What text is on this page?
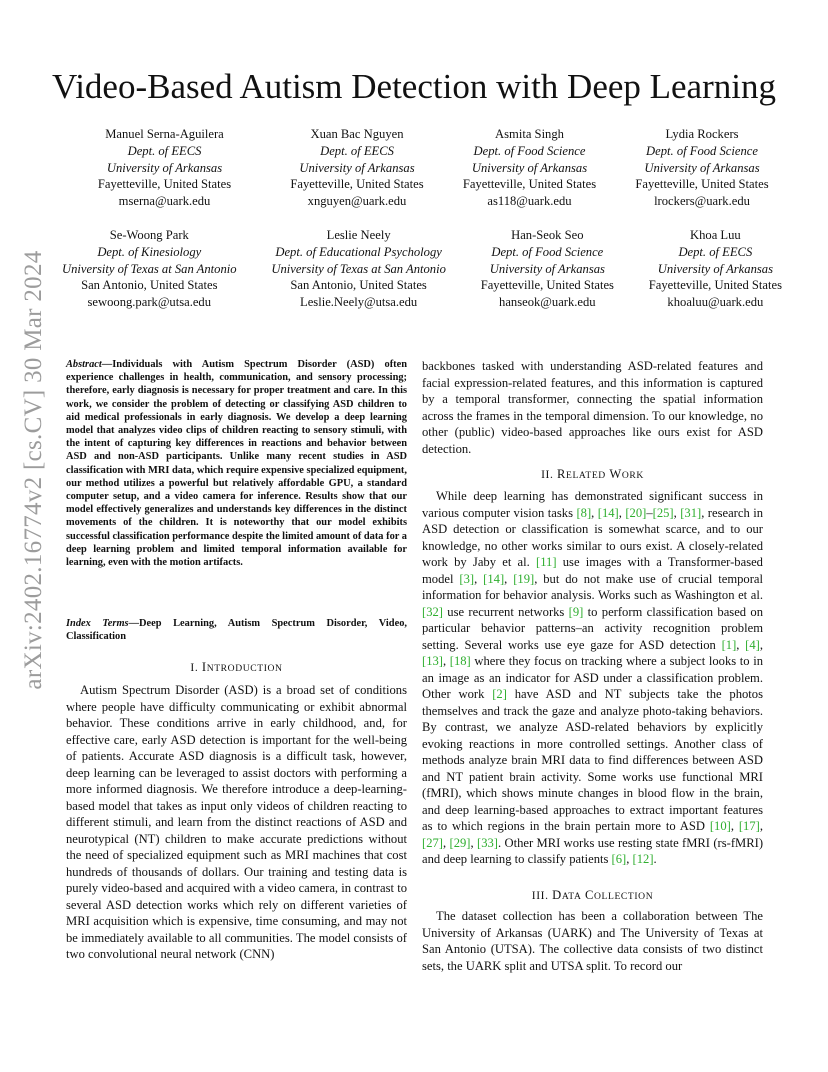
arXiv:2402.16774v2 [cs.CV] 30 Mar 2024
Video-Based Autism Detection with Deep Learning
Manuel Serna-Aguilera
Dept. of EECS
University of Arkansas
Fayetteville, United States
mserna@uark.edu
Xuan Bac Nguyen
Dept. of EECS
University of Arkansas
Fayetteville, United States
xnguyen@uark.edu
Asmita Singh
Dept. of Food Science
University of Arkansas
Fayetteville, United States
as118@uark.edu
Lydia Rockers
Dept. of Food Science
University of Arkansas
Fayetteville, United States
lrockers@uark.edu
Se-Woong Park
Dept. of Kinesiology
University of Texas at San Antonio
San Antonio, United States
sewoong.park@utsa.edu
Leslie Neely
Dept. of Educational Psychology
University of Texas at San Antonio
San Antonio, United States
Leslie.Neely@utsa.edu
Han-Seok Seo
Dept. of Food Science
University of Arkansas
Fayetteville, United States
hanseok@uark.edu
Khoa Luu
Dept. of EECS
University of Arkansas
Fayetteville, United States
khoaluu@uark.edu
Abstract—Individuals with Autism Spectrum Disorder (ASD) often experience challenges in health, communication, and sensory processing; therefore, early diagnosis is necessary for proper treatment and care. In this work, we consider the problem of detecting or classifying ASD children to aid medical professionals in early diagnosis. We develop a deep learning model that analyzes video clips of children reacting to sensory stimuli, with the intent of capturing key differences in reactions and behavior between ASD and non-ASD participants. Unlike many recent studies in ASD classification with MRI data, which require expensive specialized equipment, our method utilizes a powerful but relatively affordable GPU, a standard computer setup, and a video camera for inference. Results show that our model effectively generalizes and understands key differences in the distinct movements of the children. It is noteworthy that our model exhibits successful classification performance despite the limited amount of data for a deep learning problem and limited temporal information available for learning, even with the motion artifacts.
Index Terms—Deep Learning, Autism Spectrum Disorder, Video, Classification
I. INTRODUCTION

Autism Spectrum Disorder (ASD) is a broad set of conditions where people have difficulty communicating or exhibit abnormal behavior. These conditions arrive in early childhood, and, for effective care, early ASD detection is important for the well-being of patients. Accurate ASD diagnosis is a difficult task, however, deep learning can be leveraged to assist doctors with performing a more informed diagnosis. We therefore introduce a deep-learning-based model that takes as input only videos of children reacting to different stimuli, and learn from the distinct reactions of ASD and neurotypical (NT) children to make accurate predictions without the need of specialized equipment such as MRI machines that cost hundreds of thousands of dollars. Our training and testing data is purely video-based and acquired with a video camera, in contrast to several ASD detection works which rely on different varieties of MRI acquisition which is expensive, time consuming, and may not be immediately available to all communities. The model consists of two convolutional neural network (CNN)

backbones tasked with understanding ASD-related features and facial expression-related features, and this information is captured by a temporal transformer, connecting the spatial information across the frames in the temporal dimension. To our knowledge, no other (public) video-based approaches like ours exist for ASD detection.

II. RELATED WORK

While deep learning has demonstrated significant success in various computer vision tasks [8], [14], [20]–[25], [31], research in ASD detection or classification is somewhat scarce, and to our knowledge, no other works similar to ours exist. A closely-related work by Jaby et al. [11] use images with a Transformer-based model [3], [14], [19], but do not make use of crucial temporal information for behavior analysis. Works such as Washington et al. [32] use recurrent networks [9] to perform classification based on particular behavior patterns–an activity recognition problem setting. Several works use eye gaze for ASD detection [1], [4], [13], [18] where they focus on tracking where a subject looks to in an image as an indicator for ASD under a classification problem. Other work [2] have ASD and NT subjects take the photos themselves and track the gaze and analyze photo-taking behaviors. By contrast, we analyze ASD-related behaviors by explicitly evoking reactions in more controlled settings. Another class of methods analyze brain MRI data to find differences between ASD and NT patient brain activity. Some works use functional MRI (fMRI), which shows minute changes in blood flow in the brain, and deep learning-based approaches to extract important features as to which regions in the brain pertain more to ASD [10], [17], [27], [29], [33]. Other MRI works use resting state fMRI (rs-fMRI) and deep learning to classify patients [6], [12].

III. DATA COLLECTION

The dataset collection has been a collaboration between The University of Arkansas (UARK) and The University of Texas at San Antonio (UTSA). The collective data consists of two distinct sets, the UARK split and UTSA split. To record our
